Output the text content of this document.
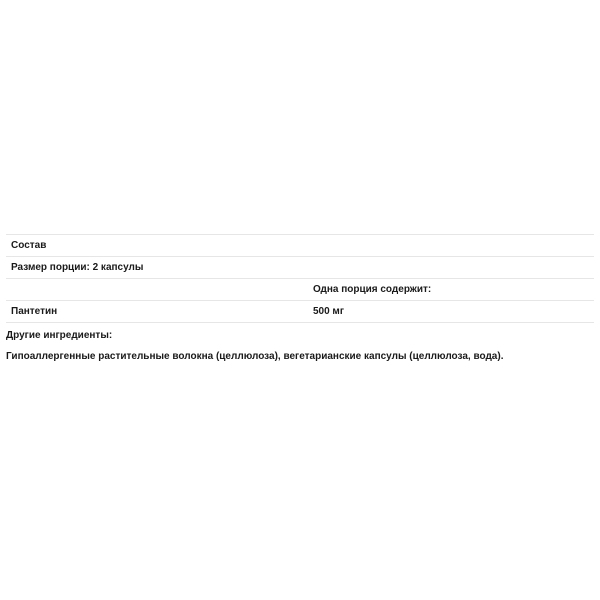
Состав	
Размер порции: 2 капсулы	
	Одна порция содержит:
Пантетин	500 мг
Другие ингредиенты:
Гипоаллергенные растительные волокна (целлюлоза), вегетарианские капсулы (целлюлоза, вода).
